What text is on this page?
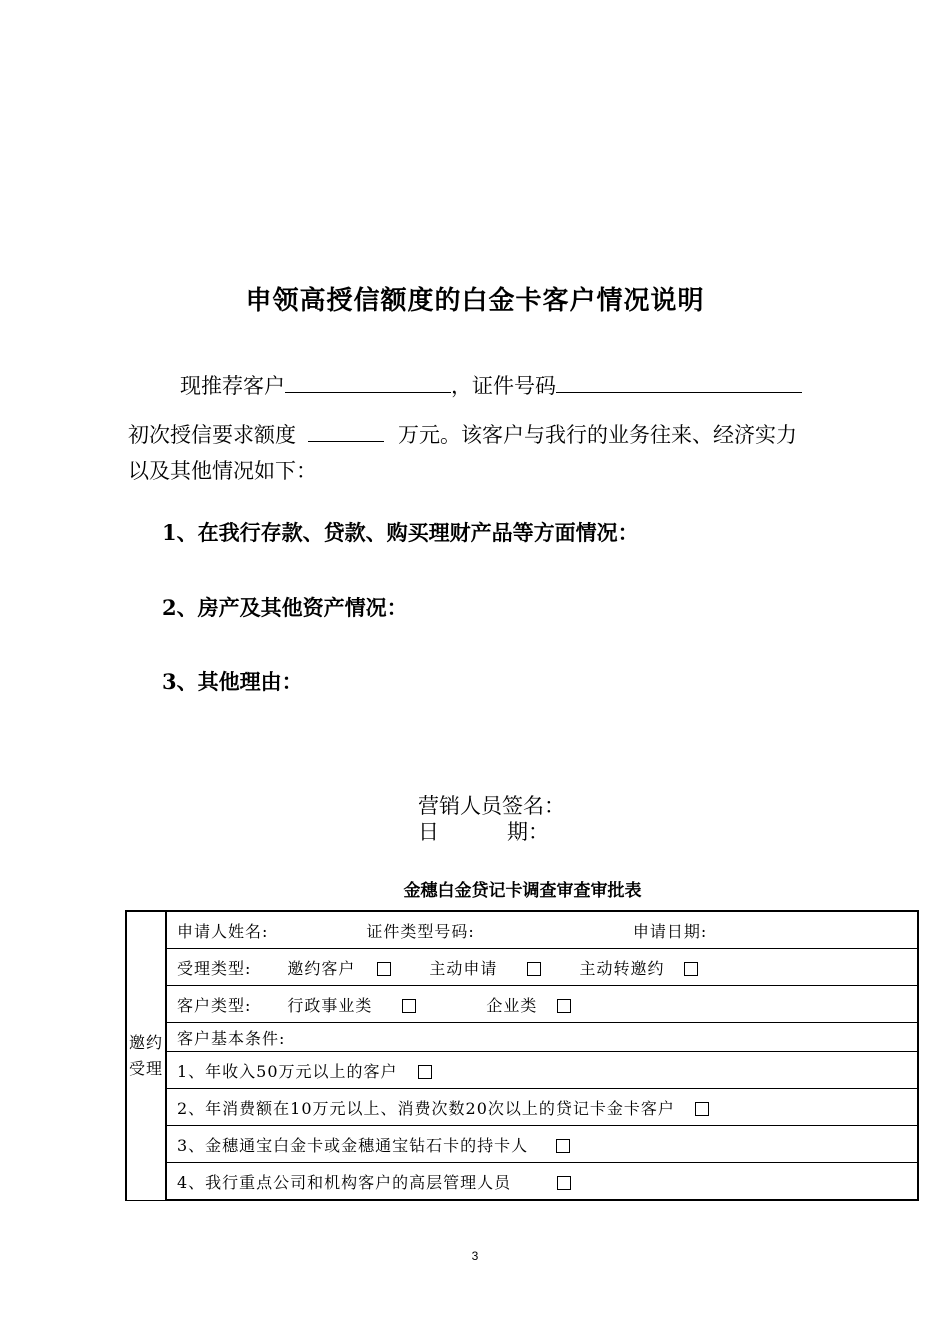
申领高授信额度的白金卡客户情况说明
现推荐客户	，证件号码
初次授信要求额度	万元。该客户与我行的业务往来、经济实力
以及其他情况如下：
1、在我行存款、贷款、购买理财产品等方面情况：
2、房产及其他资产情况：
3、其他理由：
营销人员签名：
日	期：
金穗白金贷记卡调查审查审批表
邀约
受理	申请人姓名:	证件类型号码:	申请日期:
受理类型: 邀约客户	主动申请	主动转邀约
客户类型: 行政事业类	企业类
客户基本条件:
1、年收入50万元以上的客户
2、年消费额在10万元以上、消费次数20次以上的贷记卡金卡客户
3、金穗通宝白金卡或金穗通宝钻石卡的持卡人
4、我行重点公司和机构客户的高层管理人员
3
